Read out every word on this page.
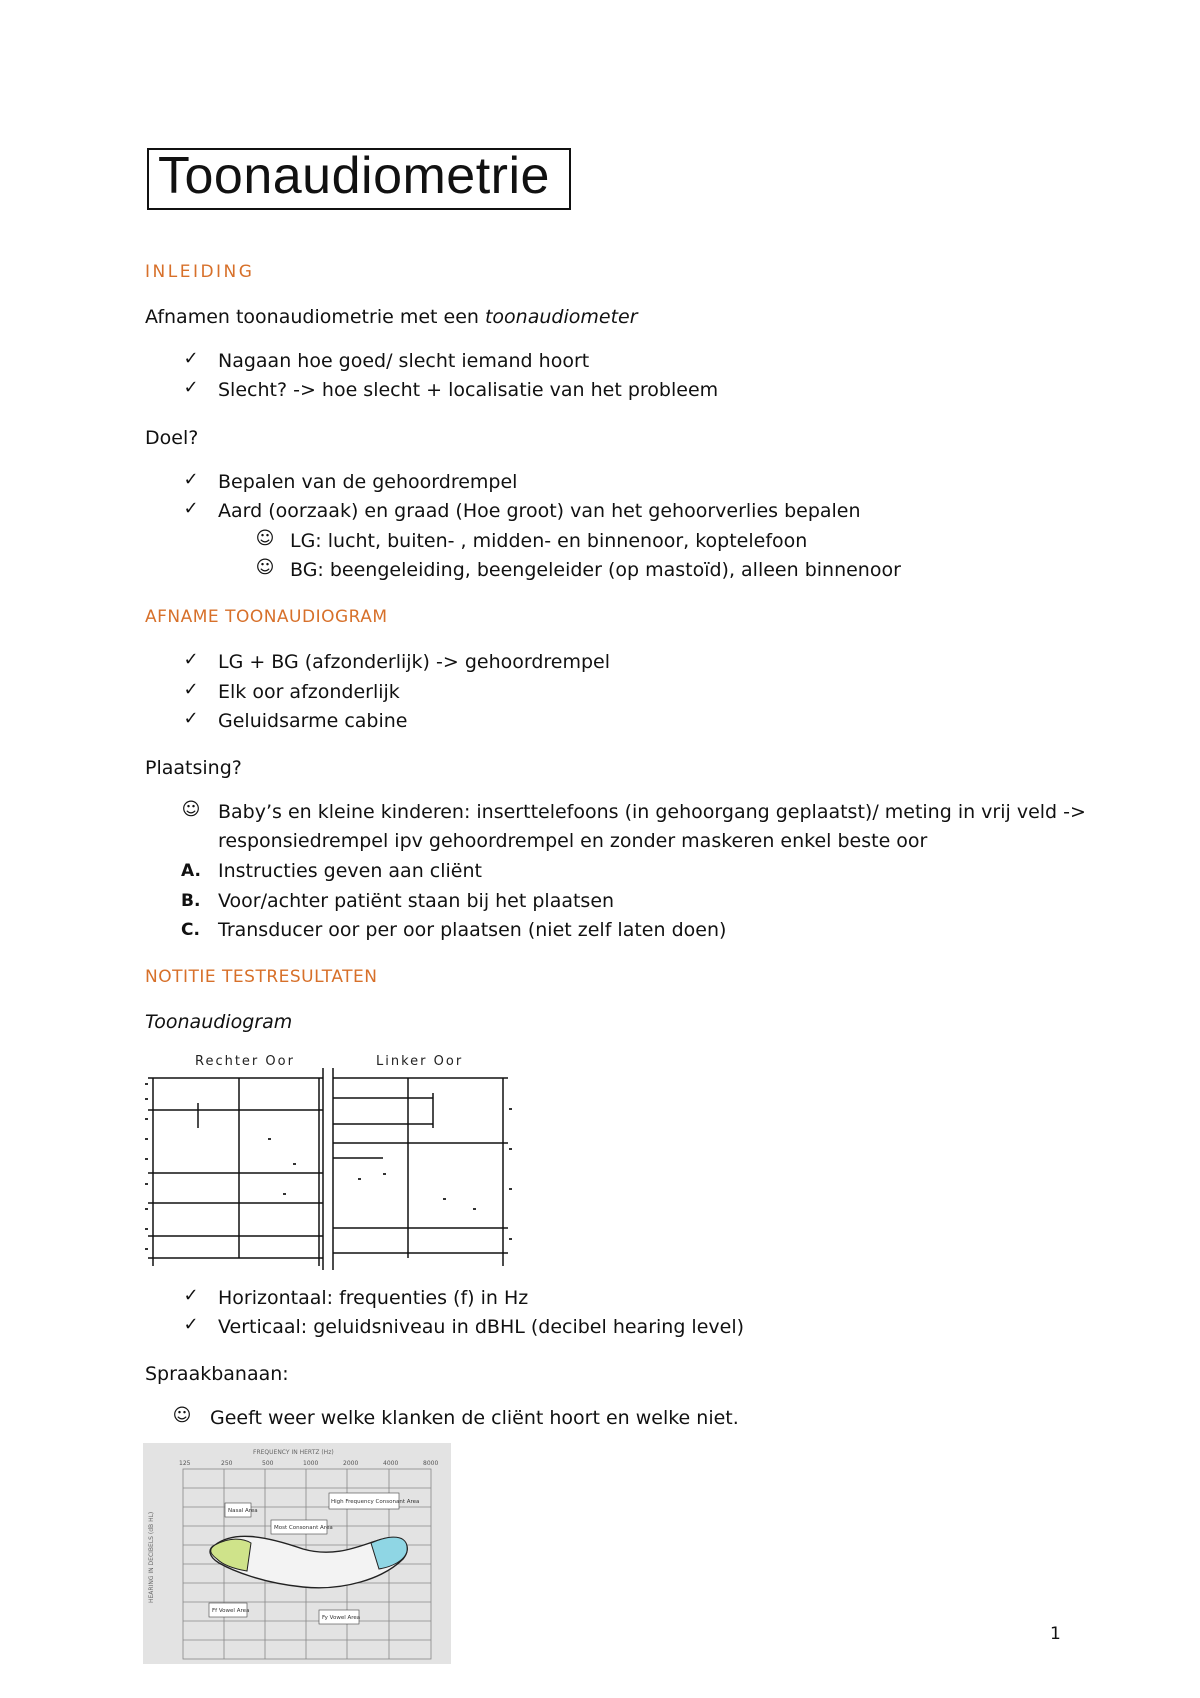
Toonaudiometrie
INLEIDING
Afnamen toonaudiometrie met een toonaudiometer
✓ Nagaan hoe goed/ slecht iemand hoort
✓ Slecht? -> hoe slecht + localisatie van het probleem
Doel?
✓ Bepalen van de gehoordrempel
✓ Aard (oorzaak) en graad (Hoe groot) van het gehoorverlies bepalen
☺ LG: lucht, buiten- , midden- en binnenoor, koptelefoon
☺ BG: beengeleiding, beengeleider (op mastoïd), alleen binnenoor
AFNAME TOONAUDIOGRAM
✓ LG + BG (afzonderlijk) -> gehoordrempel
✓ Elk oor afzonderlijk
✓ Geluidsarme cabine
Plaatsing?
☺ Baby’s en kleine kinderen: inserttelefoons (in gehoorgang geplaatst)/ meting in vrij veld ->
responsiedrempel ipv gehoordrempel en zonder maskeren enkel beste oor
A. Instructies geven aan cliënt
B. Voor/achter patiënt staan bij het plaatsen
C. Transducer oor per oor plaatsen (niet zelf laten doen)
NOTITIE TESTRESULTATEN
Toonaudiogram
Rechter Oor	Linker Oor
✓ Horizontaal: frequenties (f) in Hz
✓ Verticaal: geluidsniveau in dBHL (decibel hearing level)
Spraakbanaan:
☺ Geeft weer welke klanken de cliënt hoort en welke niet.
FREQUENCY IN HERTZ (Hz)
125	250	500	1000	2000	4000	8000
HEARING IN DECIBELS (dB HL)
Nasal Area
Most Consonant Area
High Frequency Consonant Area
Ff Vowel Area
Fy Vowel Area
1
